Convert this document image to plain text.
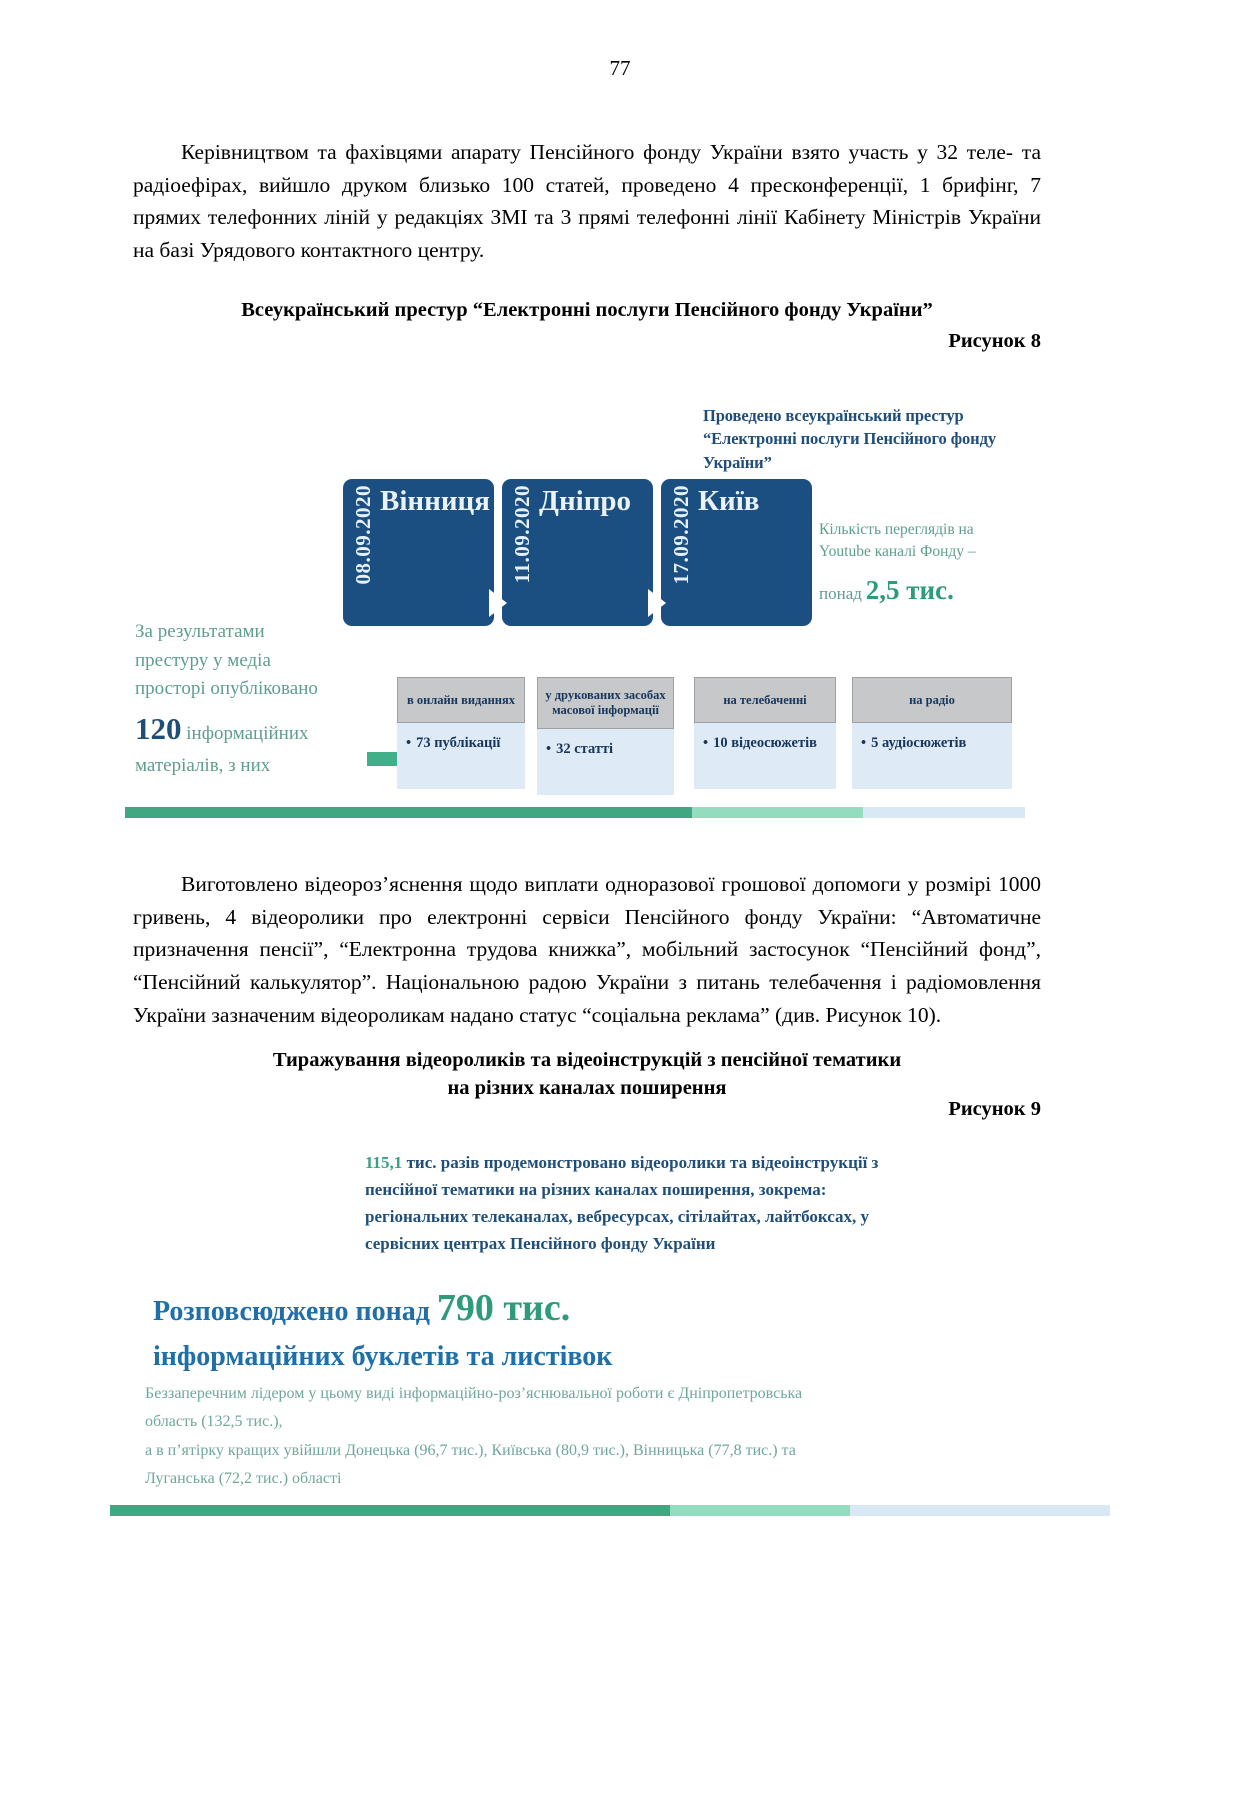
77

Керівництвом та фахівцями апарату Пенсійного фонду України взято участь у 32 теле- та радіоефірах, вийшло друком близько 100 статей, проведено 4 пресконференції, 1 брифінг, 7 прямих телефонних ліній у редакціях ЗМІ та 3 прямі телефонні лінії Кабінету Міністрів України на базі Урядового контактного центру.

Всеукраїнський престур “Електронні послуги Пенсійного фонду України”
Рисунок 8
Проведено всеукраїнський престур “Електронні послуги Пенсійного фонду України”
08.09.2020 Вінниця 11.09.2020 Дніпро 17.09.2020 Київ
Кількість переглядів на
Youtube каналі Фонду –
понад 2,5 тис.
За результатами
престуру у медіа
простopі опубліковано
120 інформаційних
матеріалів, з них
в онлайн виданнях
• 73 публікації
у друкованих засобах масової інформації
• 32 статті
на телебаченні
• 10 відеосюжетів
на радіо
• 5 аудіосюжетів

Виготовлено відеороз’яснення щодо виплати одноразової грошової допомоги у розмірі 1000 гривень, 4 відеоролики про електронні сервіси Пенсійного фонду України: “Автоматичне призначення пенсії”, “Електронна трудова книжка”, мобільний застосунок “Пенсійний фонд”, “Пенсійний калькулятор”. Національною радою України з питань телебачення і радіомовлення України зазначеним відеороликам надано статус “соціальна реклама” (див. Рисунок 10).

Тиражування відеороликів та відеоінструкцій з пенсійної тематики
на різних каналах поширення
Рисунок 9
115,1 тис. разів продемонстровано відеоролики та відеоінструкції з
пенсійної тематики на різних каналах поширення, зокрема:
регіональних телеканалах, вебресурсах, сітілайтах, лайтбоксах, у
сервісних центрах Пенсійного фонду України
Розповсюджено понад 790 тис.
інформаційних буклетів та листівок
Беззаперечним лідером у цьому виді інформаційно-роз’яснювальної роботи є Дніпропетровська
область (132,5 тис.),
а в п’ятірку кращих увійшли Донецька (96,7 тис.), Київська (80,9 тис.), Вінницька (77,8 тис.) та
Луганська (72,2 тис.) області
